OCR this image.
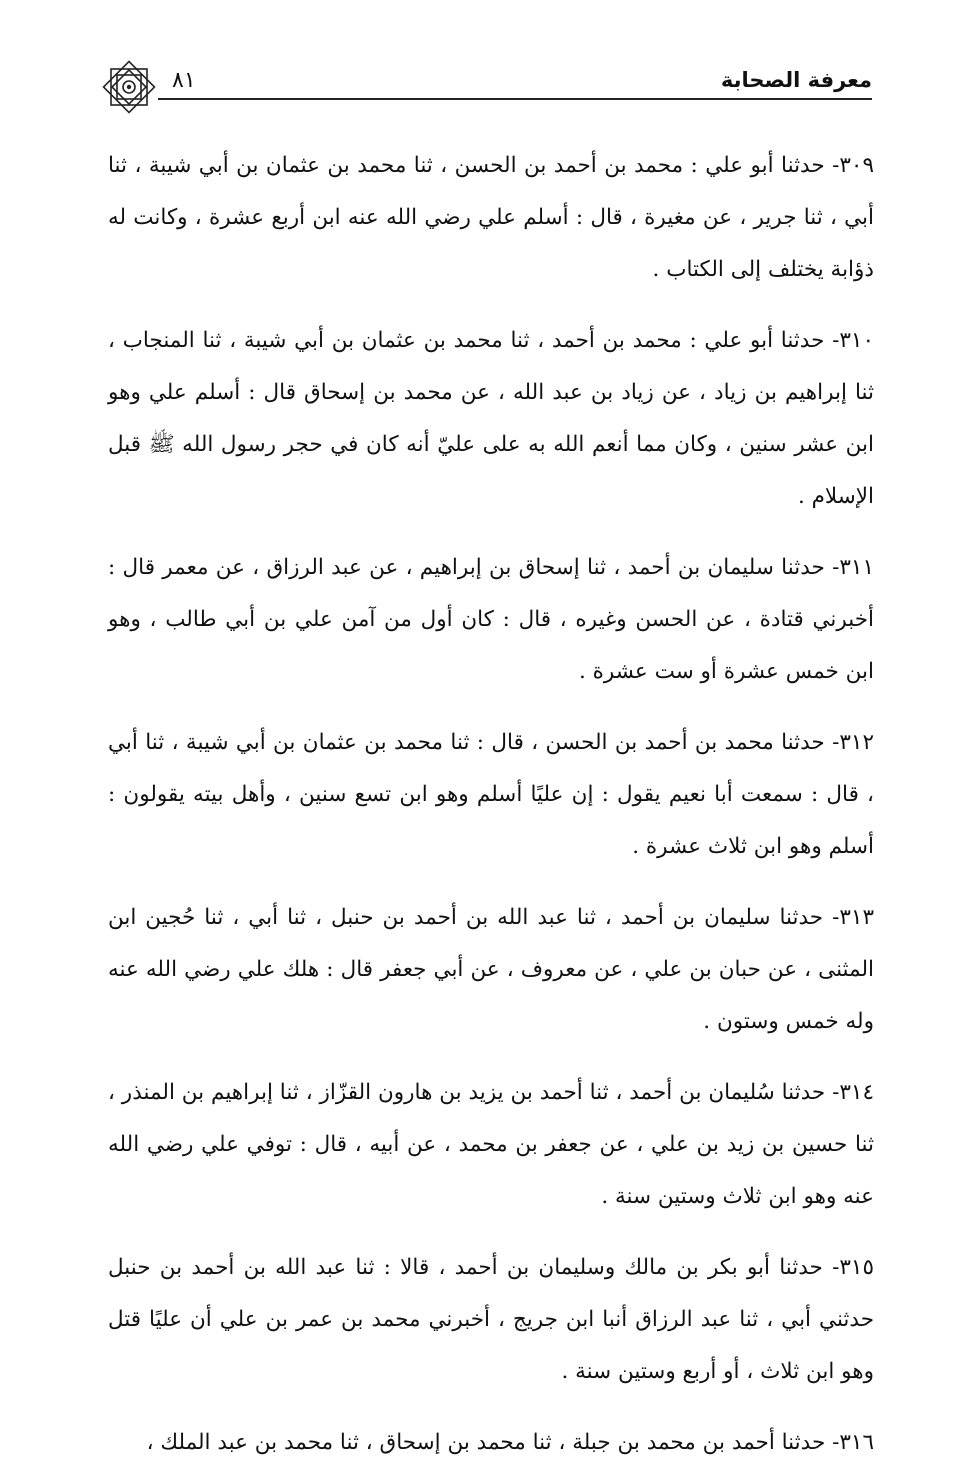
٨١	معرفة الصحابة

٣٠٩- حدثنا أبو علي : محمد بن أحمد بن الحسن ، ثنا محمد بن عثمان بن أبي شيبة ، ثنا أبي ، ثنا جرير ، عن مغيرة ، قال : أسلم علي رضي الله عنه ابن أربع عشرة ، وكانت له ذؤابة يختلف إلى الكتاب .

٣١٠- حدثنا أبو علي : محمد بن أحمد ، ثنا محمد بن عثمان بن أبي شيبة ، ثنا المنجاب ، ثنا إبراهيم بن زياد ، عن زياد بن عبد الله ، عن محمد بن إسحاق قال : أسلم علي وهو ابن عشر سنين ، وكان مما أنعم الله به على عليّ أنه كان في حجر رسول الله ﷺ قبل الإسلام .

٣١١- حدثنا سليمان بن أحمد ، ثنا إسحاق بن إبراهيم ، عن عبد الرزاق ، عن معمر قال : أخبرني قتادة ، عن الحسن وغيره ، قال : كان أول من آمن علي بن أبي طالب ، وهو ابن خمس عشرة أو ست عشرة .

٣١٢- حدثنا محمد بن أحمد بن الحسن ، قال : ثنا محمد بن عثمان بن أبي شيبة ، ثنا أبي ، قال : سمعت أبا نعيم يقول : إن عليًا أسلم وهو ابن تسع سنين ، وأهل بيته يقولون : أسلم وهو ابن ثلاث عشرة .

٣١٣- حدثنا سليمان بن أحمد ، ثنا عبد الله بن أحمد بن حنبل ، ثنا أبي ، ثنا حُجين ابن المثنى ، عن حبان بن علي ، عن معروف ، عن أبي جعفر قال : هلك علي رضي الله عنه وله خمس وستون .

٣١٤- حدثنا سُليمان بن أحمد ، ثنا أحمد بن يزيد بن هارون القزّاز ، ثنا إبراهيم بن المنذر ، ثنا حسين بن زيد بن علي ، عن جعفر بن محمد ، عن أبيه ، قال : توفي علي رضي الله عنه وهو ابن ثلاث وستين سنة .

٣١٥- حدثنا أبو بكر بن مالك وسليمان بن أحمد ، قالا : ثنا عبد الله بن أحمد بن حنبل حدثني أبي ، ثنا عبد الرزاق أنبا ابن جريج ، أخبرني محمد بن عمر بن علي أن عليًا قتل وهو ابن ثلاث ، أو أربع وستين سنة .

٣١٦- حدثنا أحمد بن محمد بن جبلة ، ثنا محمد بن إسحاق ، ثنا محمد بن عبد الملك ،
